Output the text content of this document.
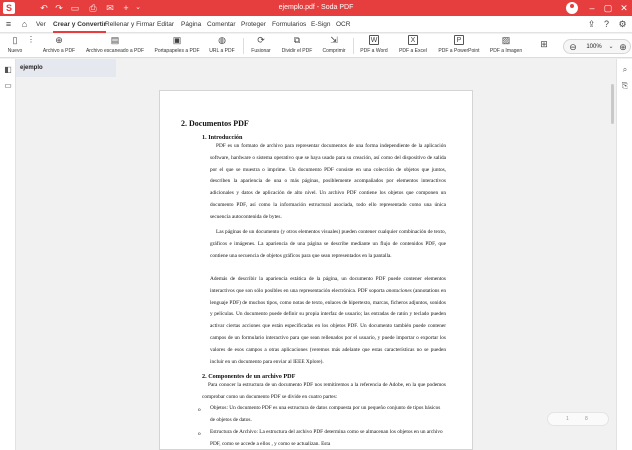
S	↶ ↷ ▭ ⎙ ✉	+ ⌄	ejemplo.pdf - Soda PDF	–	▢ ✕
≡	⌂	Ver Crear y Convertir
Rellenar y Firmar Editar Página Comentar Proteger Formularios E-Sign OCR	⇪ ?	⚙
▯
Nuevo
⋮ ⊕
Archivo a PDF
▤
Archivo escaneado a PDF
▣
Portapapeles a PDF
◍
URL a PDF
⟳
Fusionar
⧉
Dividir el PDF
⇲
Comprimir
W
PDF a Word
X
PDF a Excel
P
PDF a PowerPoint
▨
PDF a Imagen
⊞ ⊖	100%	⌄ ⊕
◧
▭
ejemplo	⌕
⎘
2. Documentos PDF
1. Introducción
PDF es un formato de archivo para representar documentos de una forma independiente de la aplicación software, hardware o sistema operativo que se haya usado para su creación, así como del dispositivo de salida por el que se muestra o imprime. Un documento PDF consiste en una colección de objetos que juntos, describen la apariencia de una o más páginas, posiblemente acompañados por elementos interactivos adicionales y datos de aplicación de alto nivel. Un archivo PDF contiene los objetos que componen un documento PDF, así como la información estructural asociada, todo ello representado como una única secuencia autocontenida de bytes.
Las páginas de un documento (y otros elementos visuales) pueden contener cualquier combinación de texto, gráficos e imágenes. La apariencia de una página se describe mediante un flujo de contenidos PDF, que contiene una secuencia de objetos gráficos para que sean representados en la pantalla.
Además de describir la apariencia estática de la página, un documento PDF puede contener elementos interactivos que son sólo posibles en una representación electrónica. PDF soporta anotaciones (annotations en lenguaje PDF) de muchos tipos, como notas de texto, enlaces de hipertexto, marcas, ficheros adjuntos, sonidos y películas. Un documento puede definir su propia interfaz de usuario; las entradas de ratón y teclado pueden activar ciertas acciones que están especificadas en los objetos PDF. Un documento también puede contener campos de un formulario interactivo para que sean rellenados por el usuario, y puede importar o exportar los valores de esos campos a otras aplicaciones (veremos más adelante que estas características no se pueden incluir en un documento para enviar al IEEE Xplore).
2. Componentes de un archivo PDF
Para conocer la estructura de un documento PDF nos remitiremos a la referencia de Adobe, en la que podemos comprobar como un documento PDF se divide en cuatro partes:
o Objetos: Un documento PDF es una estructura de datos compuesta por un pequeño conjunto de tipos básicos de objetos de datos.
o Estructura de Archivo: La estructura del archivo PDF determina como se almacenan los objetos en un archivo PDF, como se accede a ellos , y como se actualizan. Esta
1	8
